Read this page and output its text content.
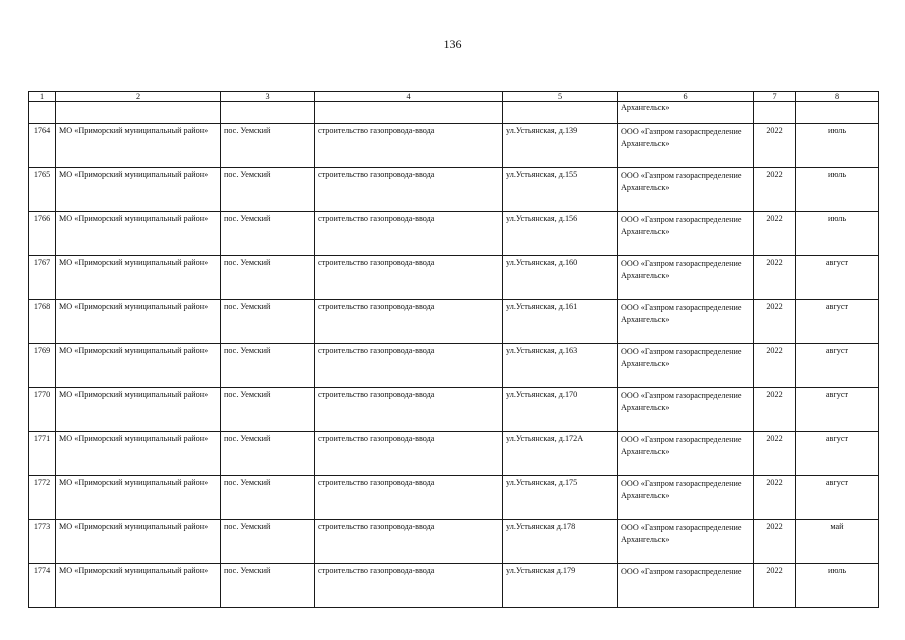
136
1	2	3	4	5	6	7	8
					Архангельск»		
1764	МО «Приморский муниципальный район»	пос. Уемский	строительство газопровода-ввода	ул.Устьянская, д.139	ООО «Газпром газораспределение Архангельск»	2022	июль
1765	МО «Приморский муниципальный район»	пос. Уемский	строительство газопровода-ввода	ул.Устьянская, д.155	ООО «Газпром газораспределение Архангельск»	2022	июль
1766	МО «Приморский муниципальный район»	пос. Уемский	строительство газопровода-ввода	ул.Устьянская, д.156	ООО «Газпром газораспределение Архангельск»	2022	июль
1767	МО «Приморский муниципальный район»	пос. Уемский	строительство газопровода-ввода	ул.Устьянская, д.160	ООО «Газпром газораспределение Архангельск»	2022	август
1768	МО «Приморский муниципальный район»	пос. Уемский	строительство газопровода-ввода	ул.Устьянская, д.161	ООО «Газпром газораспределение Архангельск»	2022	август
1769	МО «Приморский муниципальный район»	пос. Уемский	строительство газопровода-ввода	ул.Устьянская, д.163	ООО «Газпром газораспределение Архангельск»	2022	август
1770	МО «Приморский муниципальный район»	пос. Уемский	строительство газопровода-ввода	ул.Устьянская, д.170	ООО «Газпром газораспределение Архангельск»	2022	август
1771	МО «Приморский муниципальный район»	пос. Уемский	строительство газопровода-ввода	ул.Устьянская, д.172А	ООО «Газпром газораспределение Архангельск»	2022	август
1772	МО «Приморский муниципальный район»	пос. Уемский	строительство газопровода-ввода	ул.Устьянская, д.175	ООО «Газпром газораспределение Архангельск»	2022	август
1773	МО «Приморский муниципальный район»	пос. Уемский	строительство газопровода-ввода	ул.Устьянская д.178	ООО «Газпром газораспределение Архангельск»	2022	май
1774	МО «Приморский муниципальный район»	пос. Уемский	строительство газопровода-ввода	ул.Устьянская д.179	ООО «Газпром газораспределение	2022	июль
